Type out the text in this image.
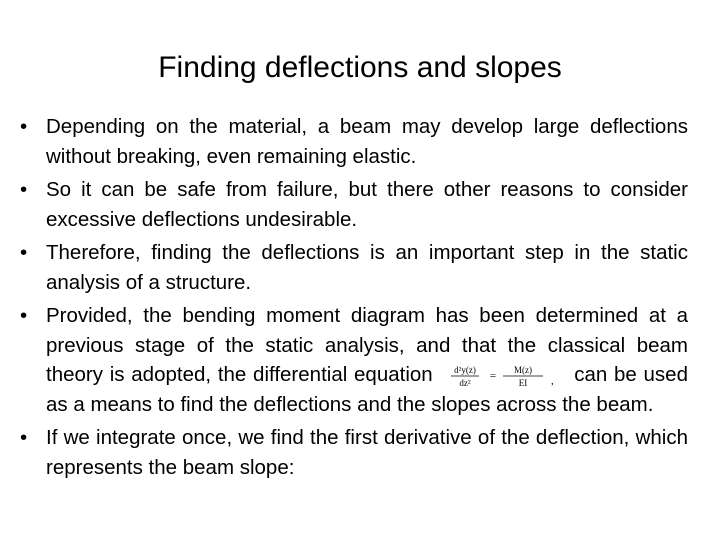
Finding deflections and slopes
• Depending on the material, a beam may develop large deflections without breaking, even remaining elastic.
• So it can be safe from failure, but there other reasons to consider excessive deflections undesirable.
• Therefore, finding the deflections is an important step in the static analysis of a structure.
• Provided, the bending moment diagram has been determined at a previous stage of the static analysis, and that the classical beam theory is adopted, the differential equation d²y(z)
dz²
= M(z)
EI , can be used as a means to find the deflections and the slopes across the beam.
• If we integrate once, we find the first derivative of the deflection, which represents the beam slope:
